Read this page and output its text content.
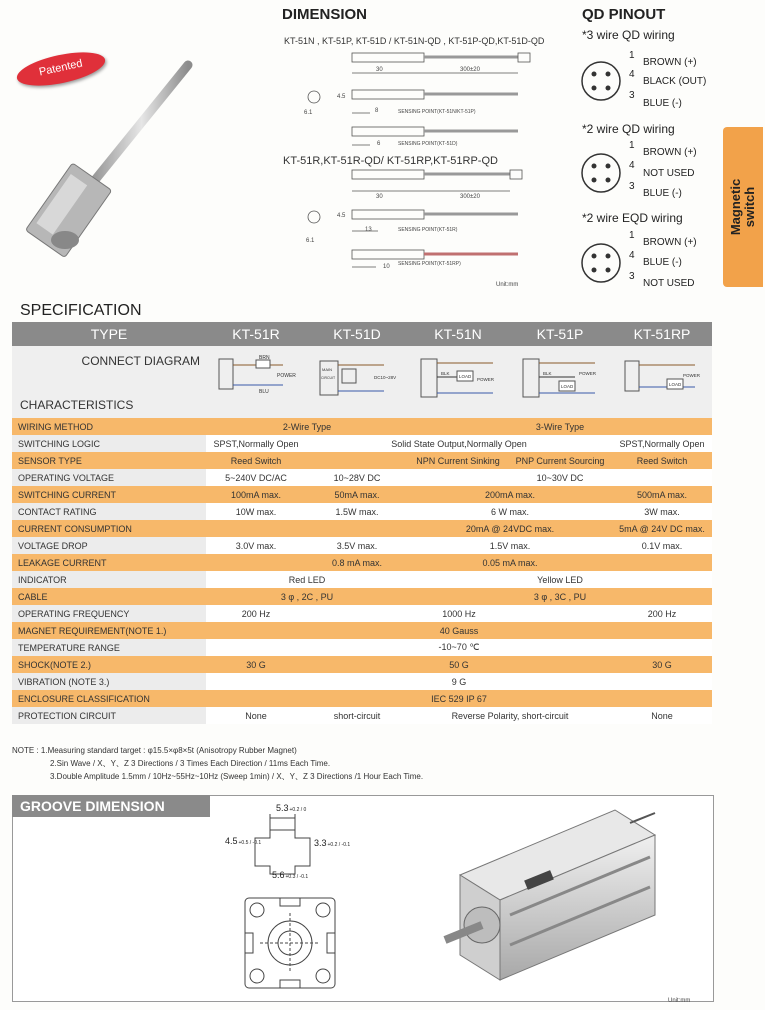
Patented
DIMENSION
KT-51N , KT-51P, KT-51D / KT-51N-QD , KT-51P-QD,KT-51D-QD
KT-51R,KT-51R-QD/ KT-51RP,KT-51RP-QD
30	300±20
4.5
6.1	8	SENSING POINT(KT-51N/KT-51P)
6	SENSING POINT(KT-51D)
30	300±20
4.5
6.1
13	SENSING POINT(KT-51R)
10 SENSING POINT(KT-51RP)
Unit:mm
QD PINOUT
*3 wire QD wiring
1
BROWN (+)
4
BLACK (OUT)
3
BLUE (-)
*2 wire QD wiring
1
BROWN (+)
4
NOT USED
3
BLUE (-)
*2 wire EQD wiring
1
BROWN (+)
4
BLUE (-)
3
NOT USED
Magnetic switch
SPECIFICATION
TYPE	KT-51R	KT-51D	KT-51N	KT-51P	KT-51RP

CONNECT DIAGRAM
CHARACTERISTICS	BRN
BLU
POWER	MAIN
CIRCUIT DC10~28V	LOAD
BLK
POWER	LOAD
BLK POWER	LOAD
POWER

WIRING METHOD	2-Wire Type		3-Wire Type		
SWITCHING LOGIC	SPST,Normally Open	Solid State Output,Normally Open			SPST,Normally Open
SENSOR TYPE	Reed Switch		NPN Current Sinking	PNP Current Sourcing	Reed Switch
OPERATING VOLTAGE	5~240V DC/AC	10~28V DC	10~30V DC		
SWITCHING CURRENT	100mA max.	50mA max.	200mA max.		500mA max.
CONTACT RATING	10W max.	1.5W max.	6 W max.		3W max.
CURRENT CONSUMPTION			20mA @ 24VDC max.		5mA @ 24V DC max.
VOLTAGE DROP	3.0V max.	3.5V max.	1.5V max.		0.1V max.
LEAKAGE CURRENT		0.8 mA max.	0.05 mA max.		
INDICATOR	Red LED		Yellow LED		
CABLE	3 φ , 2C , PU		3 φ , 3C , PU		
OPERATING FREQUENCY	200 Hz	1000 Hz			200 Hz
MAGNET REQUIREMENT(NOTE 1.)	40 Gauss				
TEMPERATURE RANGE	-10~70 ℃				
SHOCK(NOTE 2.)	30 G	50 G			30 G
VIBRATION (NOTE 3.)	9 G				
ENCLOSURE CLASSIFICATION	IEC 529 IP 67				
PROTECTION CIRCUIT	None	short-circuit	Reverse Polarity, short-circuit		None
NOTE : 1.Measuring standard target : φ15.5×φ8×5t (Anisotropy Rubber Magnet)
2.Sin Wave / X、Y、Z 3 Directions / 3 Times Each Direction / 11ms Each Time.
3.Double Amplitude 1.5mm / 10Hz~55Hz~10Hz (Sweep 1min) / X、Y、Z 3 Directions /1 Hour Each Time.
GROOVE DIMENSION	5.3+0.2 / 0
4.5+0.5 / -0.1	3.3+0.2 / -0.1
5.6+0.3 / -0.1
Unit:mm
